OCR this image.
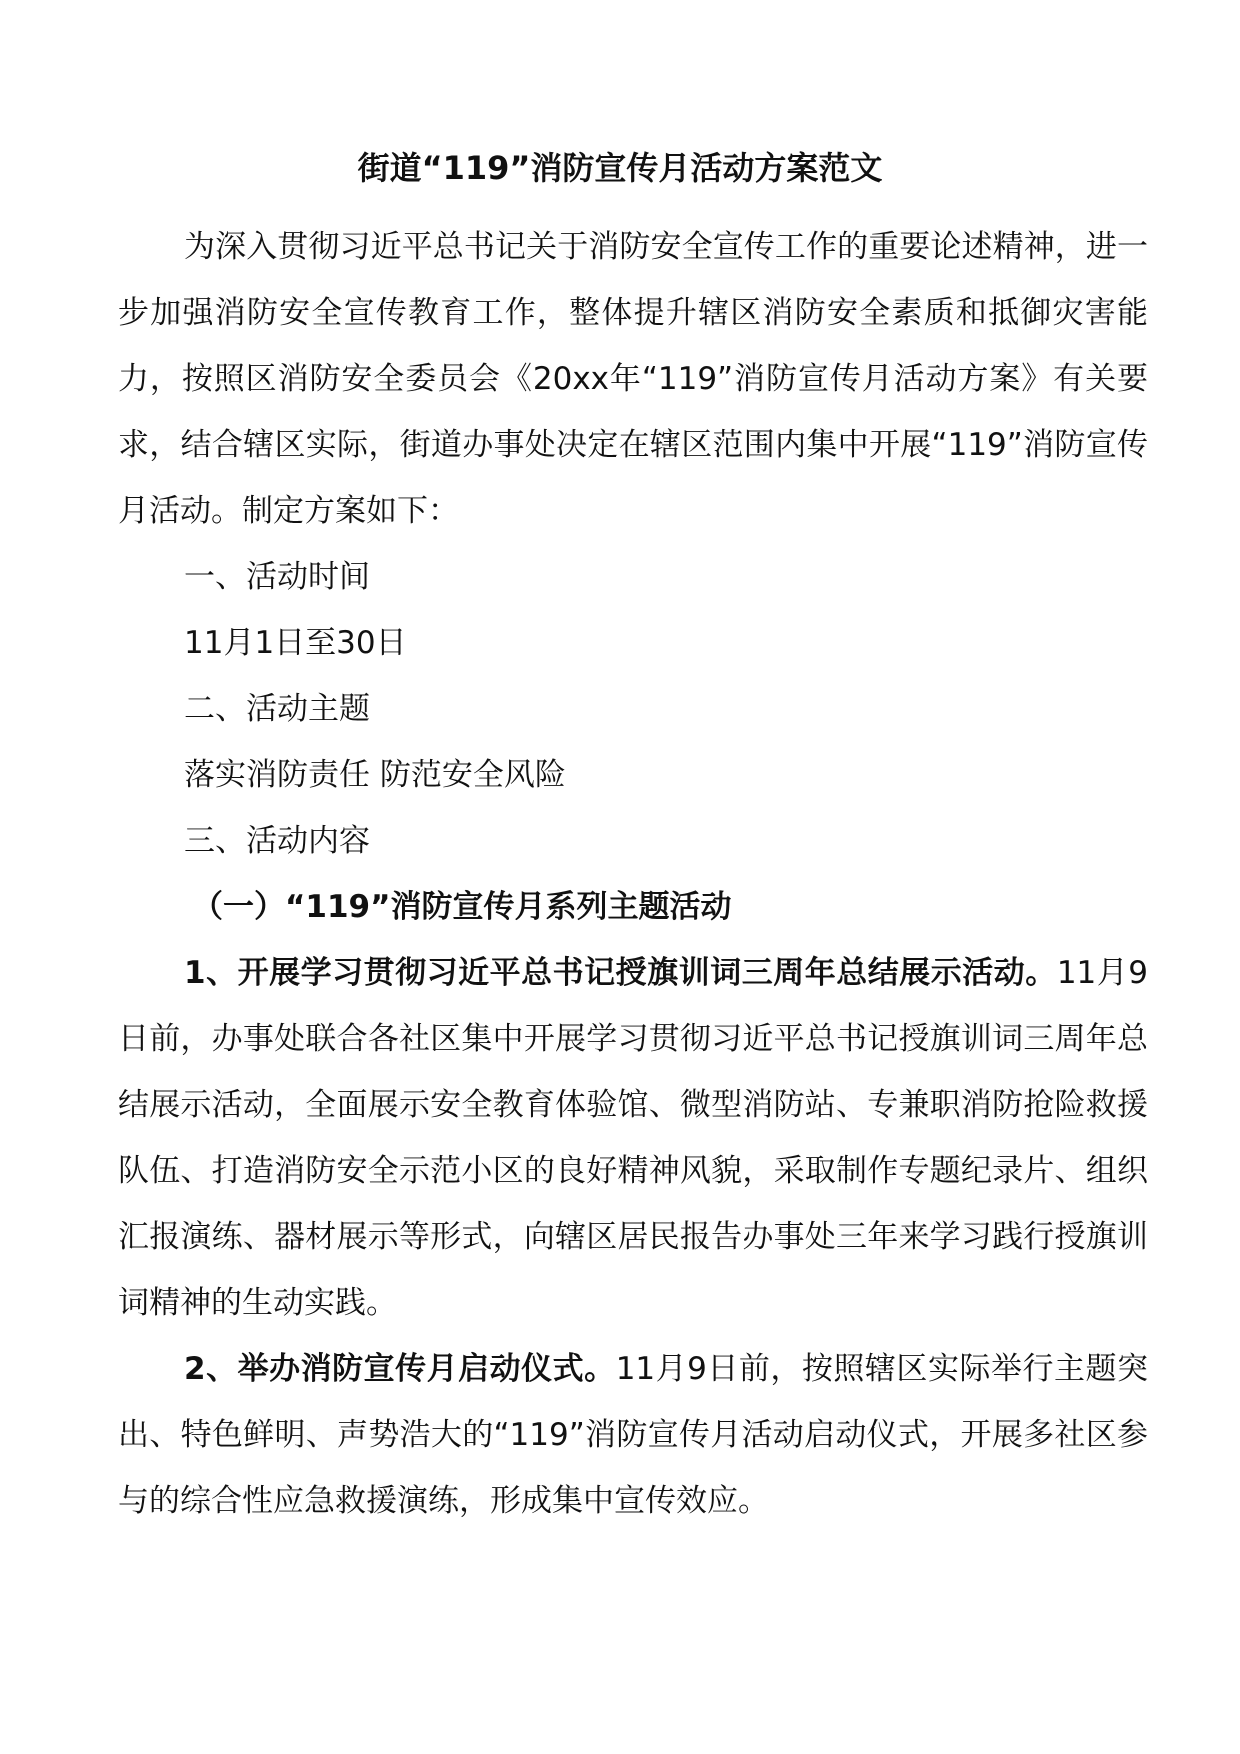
街道“119”消防宣传月活动方案范文

为深入贯彻习近平总书记关于消防安全宣传工作的重要论述精神，进一步加强消防安全宣传教育工作，整体提升辖区消防安全素质和抵御灾害能力，按照区消防安全委员会《20xx年“119”消防宣传月活动方案》有关要求，结合辖区实际，街道办事处决定在辖区范围内集中开展“119”消防宣传月活动。制定方案如下：

一、活动时间

11月1日至30日

二、活动主题

落实消防责任 防范安全风险

三、活动内容

（一）“119”消防宣传月系列主题活动

1、开展学习贯彻习近平总书记授旗训词三周年总结展示活动。11月9日前，办事处联合各社区集中开展学习贯彻习近平总书记授旗训词三周年总结展示活动，全面展示安全教育体验馆、微型消防站、专兼职消防抢险救援队伍、打造消防安全示范小区的良好精神风貌，采取制作专题纪录片、组织汇报演练、器材展示等形式，向辖区居民报告办事处三年来学习践行授旗训词精神的生动实践。

2、举办消防宣传月启动仪式。11月9日前，按照辖区实际举行主题突出、特色鲜明、声势浩大的“119”消防宣传月活动启动仪式，开展多社区参与的综合性应急救援演练，形成集中宣传效应。
